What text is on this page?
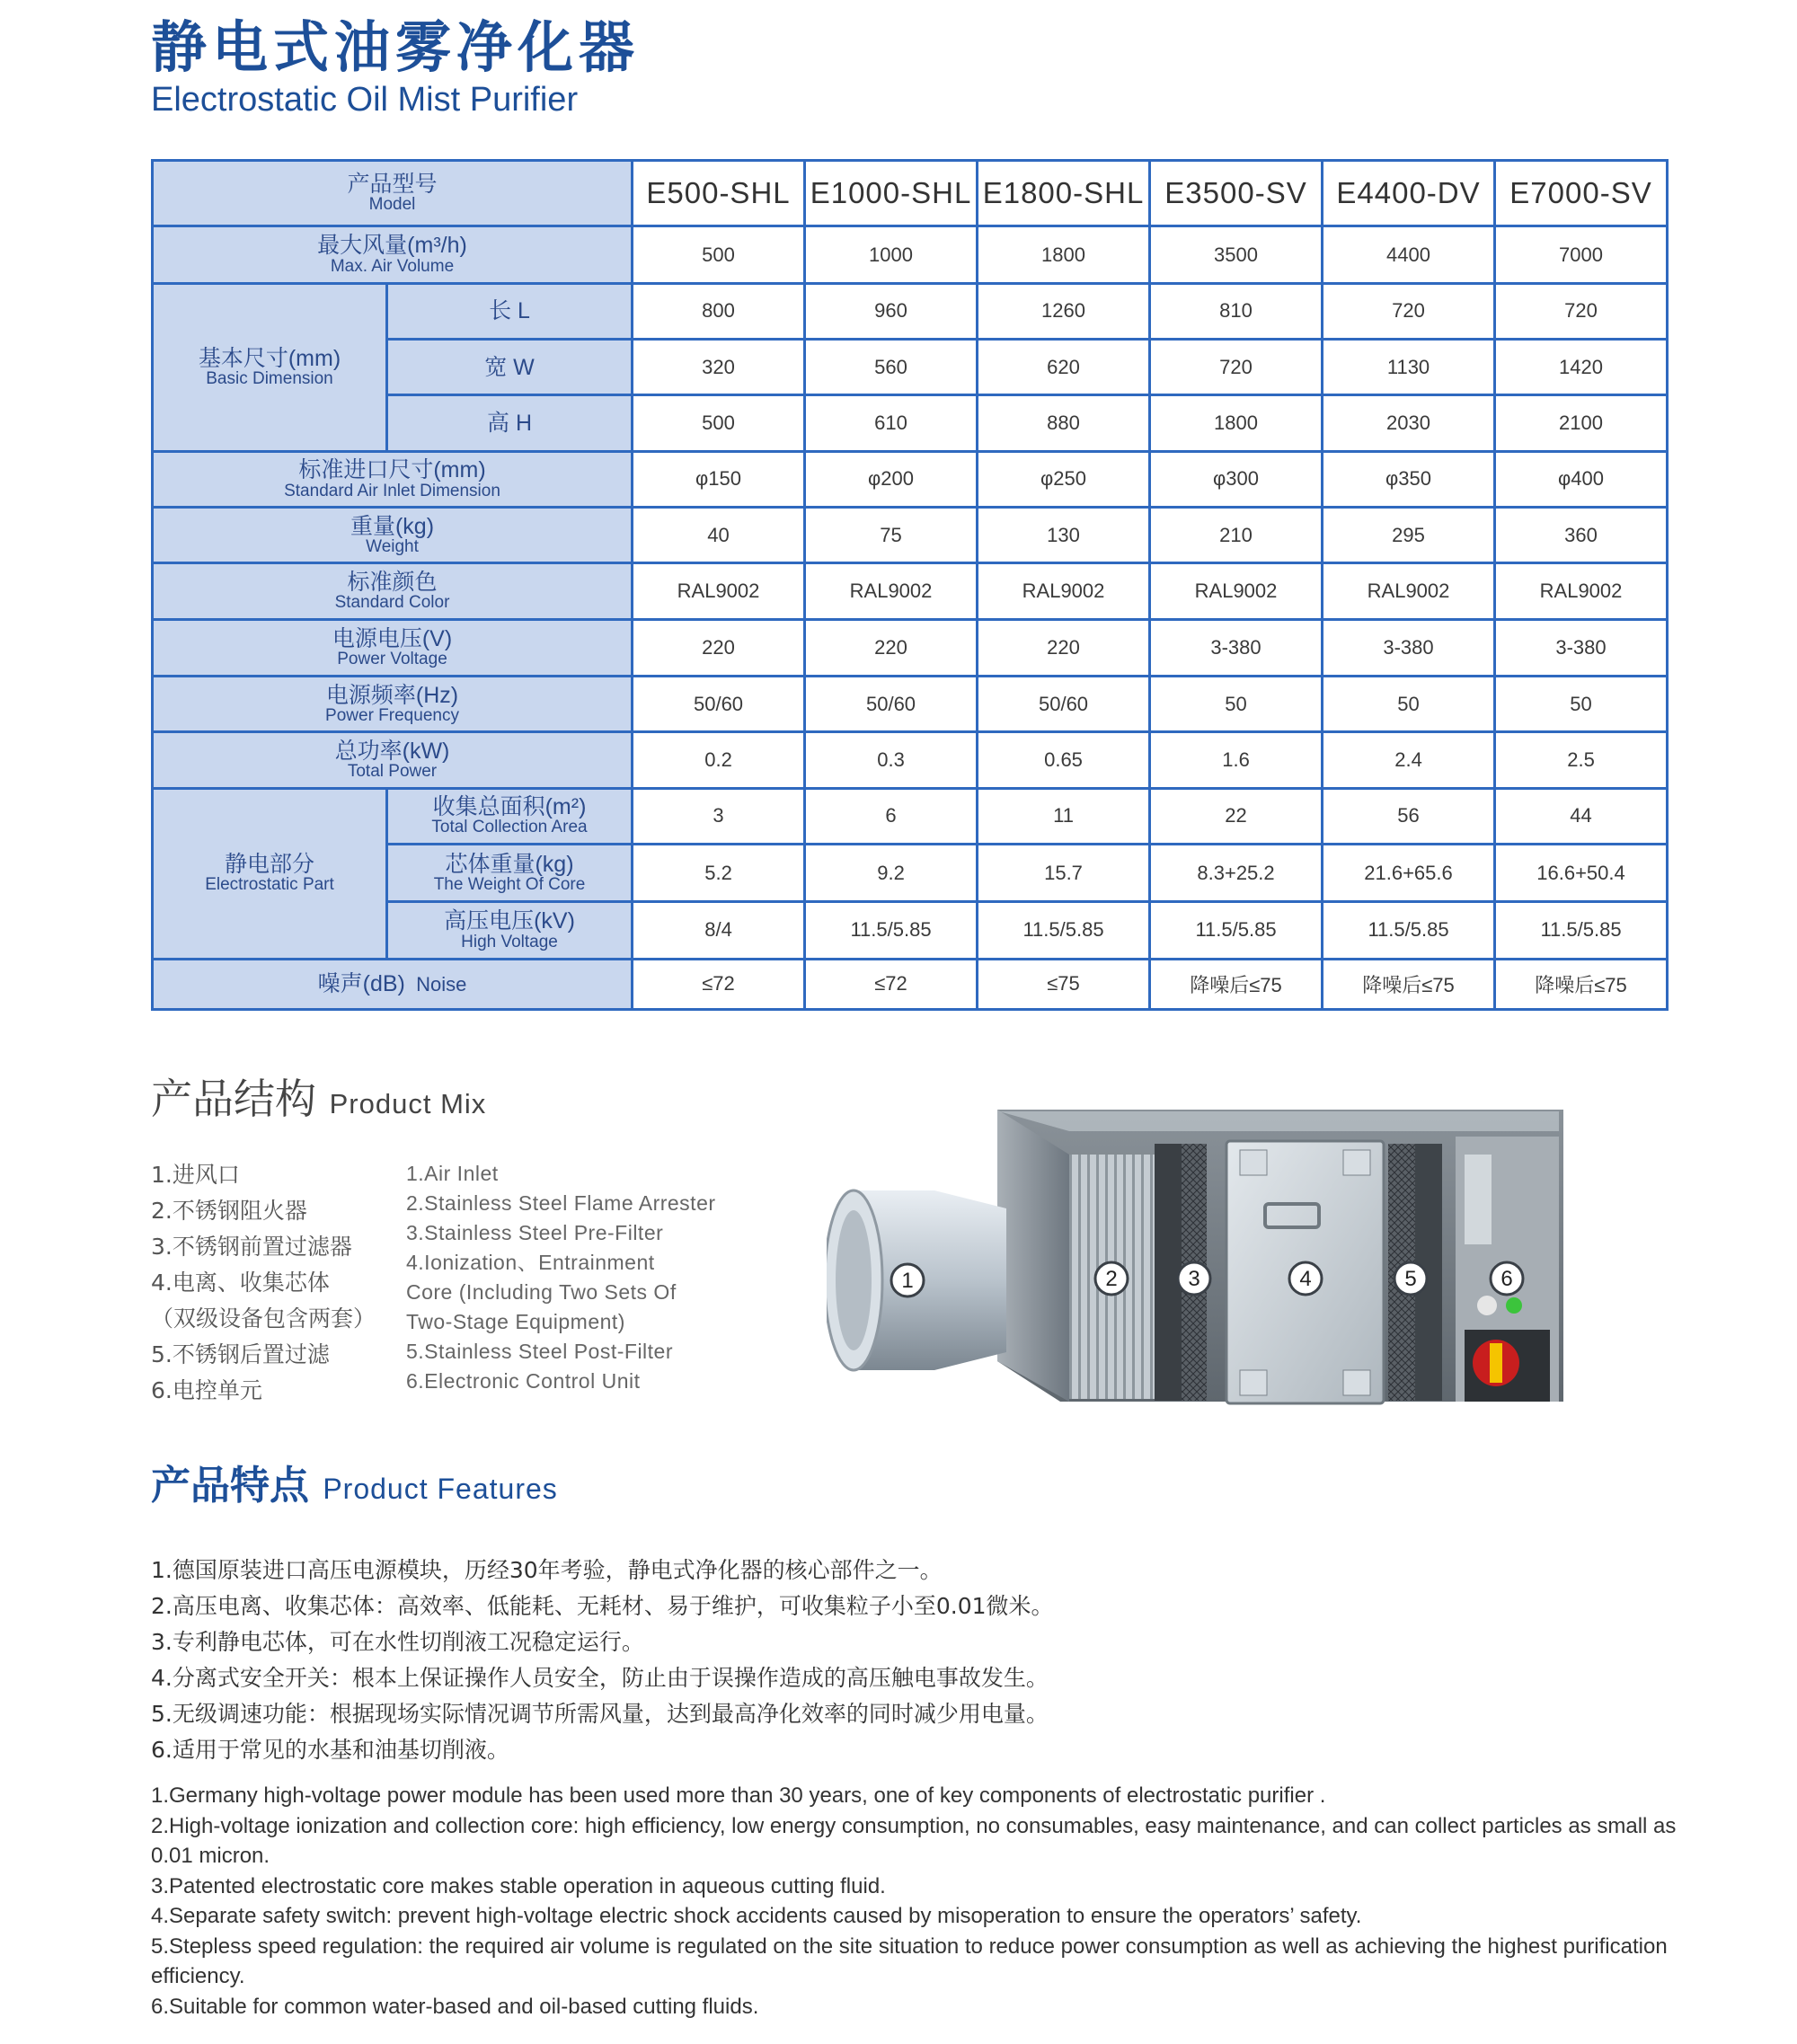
静电式油雾净化器
Electrostatic Oil Mist Purifier
产品型号
Model		E500-SHL	E1000-SHL	E1800-SHL	E3500-SV	E4400-DV	E7000-SV

最大风量(m³/h)
Max. Air Volume		500	1000	1800	3500	4400	7000

基本尺寸(mm)
Basic Dimension	长 L	800	960	1260	810	720	720
	宽 W	320	560	620	720	1130	1420
	高 H	500	610	880	1800	2030	2100

标准进口尺寸(mm)
Standard Air Inlet Dimension		φ150	φ200	φ250	φ300	φ350	φ400

重量(kg)
Weight		40	75	130	210	295	360

标准颜色
Standard Color		RAL9002	RAL9002	RAL9002	RAL9002	RAL9002	RAL9002

电源电压(V)
Power Voltage		220	220	220	3-380	3-380	3-380

电源频率(Hz)
Power Frequency		50/60	50/60	50/60	50	50	50

总功率(kW)
Total Power		0.2	0.3	0.65	1.6	2.4	2.5

静电部分
Electrostatic Part	收集总面积(m²)
Total Collection Area	3	6	11	22	56	44

	芯体重量(kg)
The Weight Of Core	5.2	9.2	15.7	8.3+25.2	21.6+65.6	16.6+50.4

	高压电压(kV)
High Voltage	8/4	11.5/5.85	11.5/5.85	11.5/5.85	11.5/5.85	11.5/5.85
噪声(dB) Noise		≤72	≤72	≤75	降噪后≤75	降噪后≤75	降噪后≤75
产品结构 Product Mix
1.进风口
2.不锈钢阻火器
3.不锈钢前置过滤器
4.电离、收集芯体
（双级设备包含两套）
5.不锈钢后置过滤
6.电控单元
1.Air Inlet
2.Stainless Steel Flame Arrester
3.Stainless Steel Pre-Filter
4.Ionization、Entrainment
Core (Including Two Sets Of
Two-Stage Equipment)
5.Stainless Steel Post-Filter
6.Electronic Control Unit
1	2	3	4	5	6
产品特点 Product Features
1.德国原装进口高压电源模块，历经30年考验，静电式净化器的核心部件之一。
2.高压电离、收集芯体：高效率、低能耗、无耗材、易于维护，可收集粒子小至0.01微米。
3.专利静电芯体，可在水性切削液工况稳定运行。
4.分离式安全开关：根本上保证操作人员安全，防止由于误操作造成的高压触电事故发生。
5.无级调速功能：根据现场实际情况调节所需风量，达到最高净化效率的同时减少用电量。
6.适用于常见的水基和油基切削液。
1.Germany high-voltage power module has been used more than 30 years, one of key components of electrostatic purifier .
2.High-voltage ionization and collection core: high efficiency, low energy consumption, no consumables, easy maintenance, and can collect particles as small as 0.01 micron.
3.Patented electrostatic core makes stable operation in aqueous cutting fluid.
4.Separate safety switch: prevent high-voltage electric shock accidents caused by misoperation to ensure the operators’ safety.
5.Stepless speed regulation: the required air volume is regulated on the site situation to reduce power consumption as well as achieving the highest purification efficiency.
6.Suitable for common water-based and oil-based cutting fluids.
